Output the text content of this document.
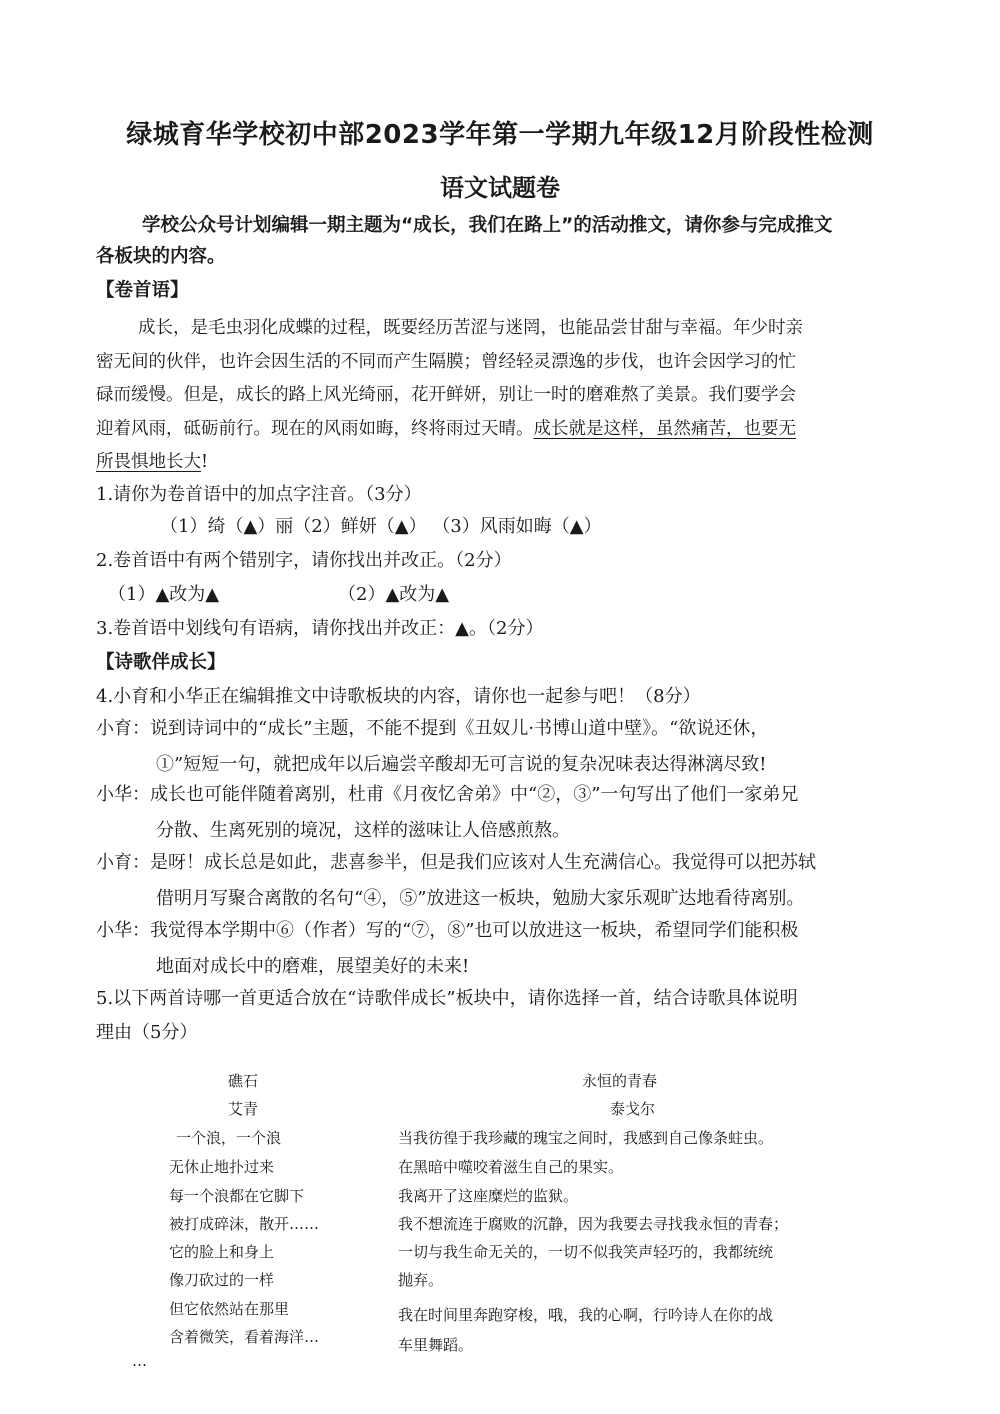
绿城育华学校初中部2023学年第一学期九年级12月阶段性检测
语文试题卷
学校公众号计划编辑一期主题为“成长，我们在路上”的活动推文，请你参与完成推文
各板块的内容。
【卷首语】
成长，是毛虫羽化成蝶的过程，既要经历苦涩与迷罔，也能品尝甘甜与幸福。年少时亲
密无间的伙伴，也许会因生活的不同而产生隔膜；曾经轻灵漂逸的步伐，也许会因学习的忙
碌而缓慢。但是，成长的路上风光绮丽，花开鲜妍，别让一时的磨难熬了美景。我们要学会
迎着风雨，砥砺前行。现在的风雨如晦，终将雨过天晴。成长就是这样，虽然痛苦，也要无
所畏惧地长大!
1.请你为卷首语中的加点字注音。（3分）
（1）绮（▲）丽（2）鲜妍（▲） （3）风雨如晦（▲）
2.卷首语中有两个错别字，请你找出并改正。（2分）
（1）▲改为▲	（2）▲改为▲
3.卷首语中划线句有语病，请你找出并改正：▲。（2分）
【诗歌伴成长】
4.小育和小华正在编辑推文中诗歌板块的内容，请你也一起参与吧！（8分）
小育：说到诗词中的“成长”主题，不能不提到《丑奴儿·书博山道中壁》。“欲说还休，
①”短短一句，就把成年以后遍尝辛酸却无可言说的复杂况味表达得淋漓尽致!
小华：成长也可能伴随着离别，杜甫《月夜忆舍弟》中“②，③”一句写出了他们一家弟兄
分散、生离死别的境况，这样的滋味让人倍感煎熬。
小育：是呀！成长总是如此，悲喜参半，但是我们应该对人生充满信心。我觉得可以把苏轼
借明月写聚合离散的名句“④，⑤”放进这一板块，勉励大家乐观旷达地看待离别。
小华：我觉得本学期中⑥（作者）写的“⑦，⑧”也可以放进这一板块，希望同学们能积极
地面对成长中的磨难，展望美好的未来!
5.以下两首诗哪一首更适合放在“诗歌伴成长”板块中，请你选择一首，结合诗歌具体说明
理由（5分）
礁石
艾青
一个浪，一个浪
无休止地扑过来
每一个浪都在它脚下
被打成碎沫，散开……
它的脸上和身上
像刀砍过的一样
但它依然站在那里
含着微笑，看着海洋…
…
永恒的青春
泰戈尔
当我彷徨于我珍藏的瑰宝之间时，我感到自己像条蛀虫。
在黑暗中噬咬着滋生自己的果实。
我离开了这座糜烂的监狱。
我不想流连于腐败的沉静，因为我要去寻找我永恒的青春；
一切与我生命无关的，一切不似我笑声轻巧的，我都统统
抛弃。
我在时间里奔跑穿梭，哦，我的心啊，行吟诗人在你的战
车里舞蹈。
